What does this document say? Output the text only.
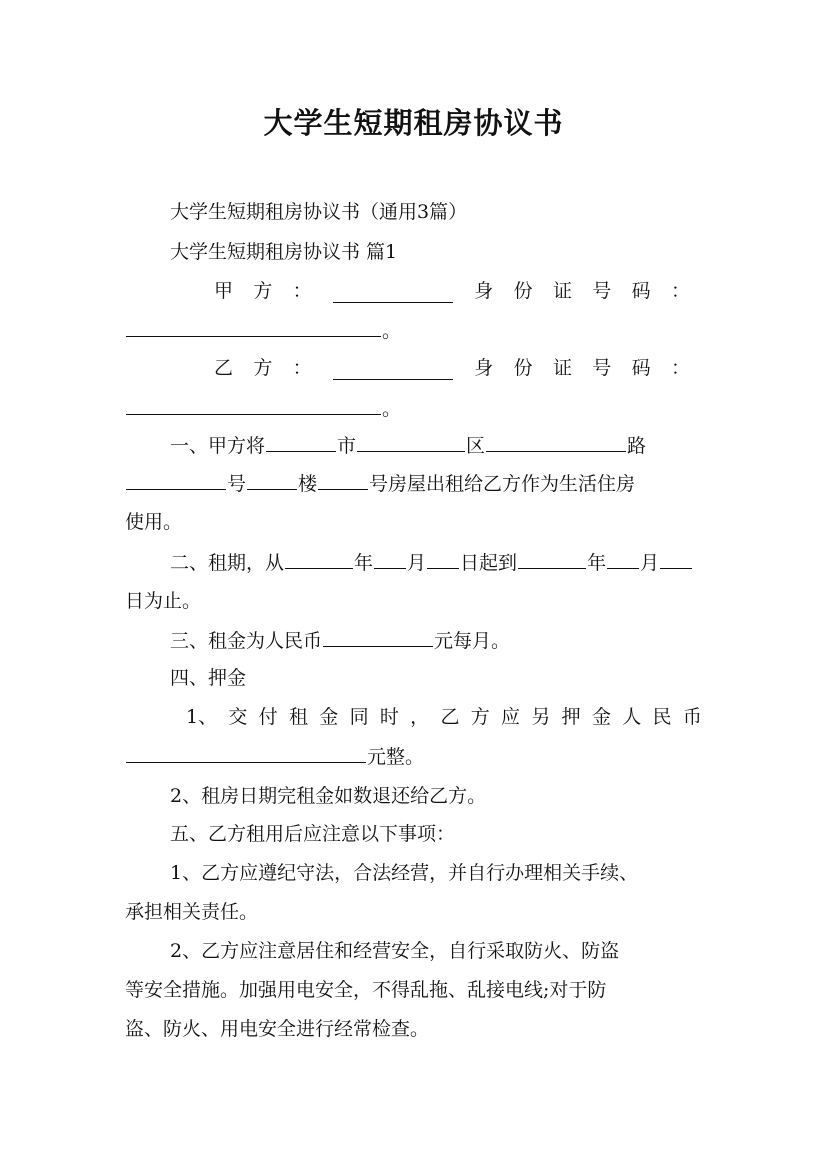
大学生短期租房协议书
大学生短期租房协议书（通用3篇）
大学生短期租房协议书 篇1
甲 方 ：	身 份 证 号 码 ：
。
乙 方 ：	身 份 证 号 码 ：
。
一、甲方将	市	区	路
号	楼	号房屋出租给乙方作为生活住房
使用。
二、租期，从	年 月 日起到	年 月
日为止。
三、租金为人民币	元每月。
四、押金
1、 交 付 租 金 同 时 ， 乙 方 应 另 押 金 人 民 币
元整。
2、租房日期完租金如数退还给乙方。
五、乙方租用后应注意以下事项：
1、乙方应遵纪守法，合法经营，并自行办理相关手续、
承担相关责任。
2、乙方应注意居住和经营安全，自行采取防火、防盗
等安全措施。加强用电安全，不得乱拖、乱接电线;对于防
盗、防火、用电安全进行经常检查。
